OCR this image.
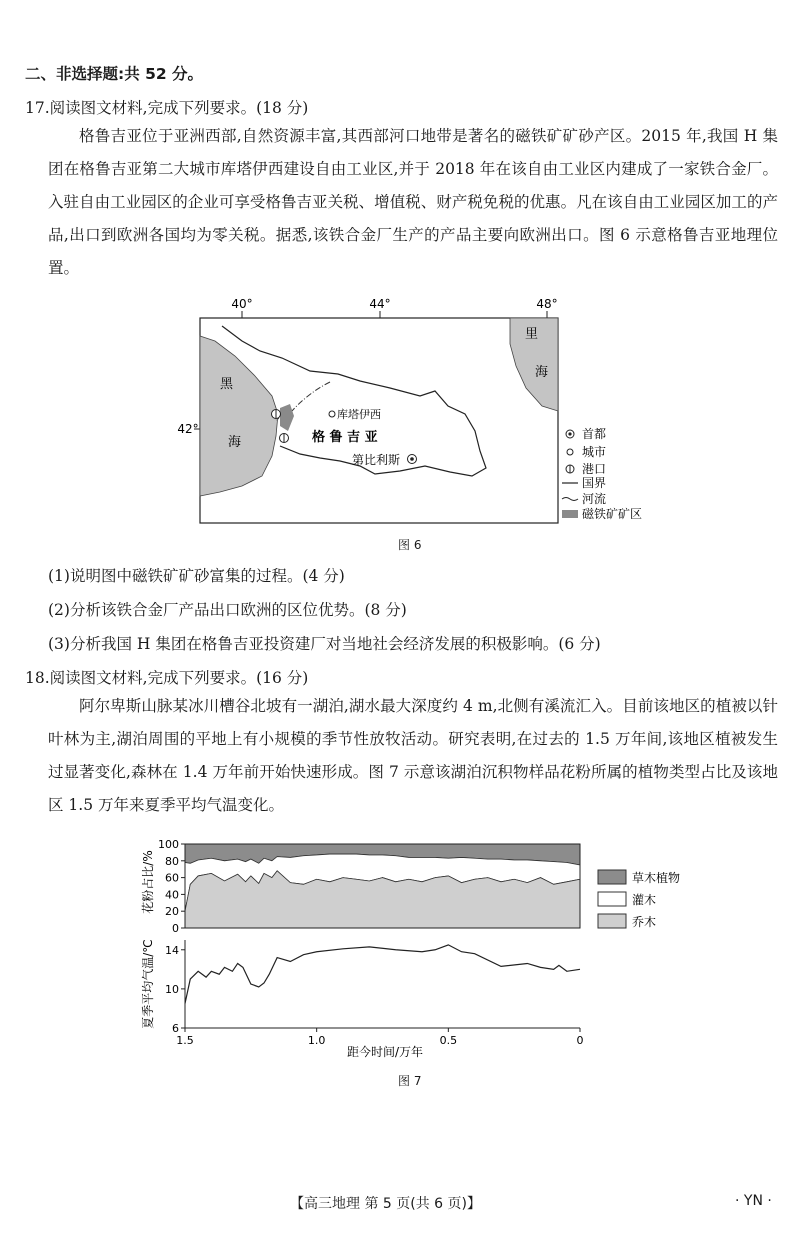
二、非选择题:共 52 分。
17.阅读图文材料,完成下列要求。(18 分)

格鲁吉亚位于亚洲西部,自然资源丰富,其西部河口地带是著名的磁铁矿矿砂产区。2015 年,我国 H 集团在格鲁吉亚第二大城市库塔伊西建设自由工业区,并于 2018 年在该自由工业区内建成了一家铁合金厂。入驻自由工业园区的企业可享受格鲁吉亚关税、增值税、财产税免税的优惠。凡在该自由工业园区加工的产品,出口到欧洲各国均为零关税。据悉,该铁合金厂生产的产品主要向欧洲出口。图 6 示意格鲁吉亚地理位置。

40°	44°	48°
42°
黑
海
里
海
库塔伊西
格 鲁 吉 亚
第比利斯
首都
城市
港口
国界
河流
磁铁矿矿区
图 6
(1)说明图中磁铁矿矿砂富集的过程。(4 分)
(2)分析该铁合金厂产品出口欧洲的区位优势。(8 分)
(3)分析我国 H 集团在格鲁吉亚投资建厂对当地社会经济发展的积极影响。(6 分)
18.阅读图文材料,完成下列要求。(16 分)

阿尔卑斯山脉某冰川槽谷北坡有一湖泊,湖水最大深度约 4 m,北侧有溪流汇入。目前该地区的植被以针叶林为主,湖泊周围的平地上有小规模的季节性放牧活动。研究表明,在过去的 1.5 万年间,该地区植被发生过显著变化,森林在 1.4 万年前开始快速形成。图 7 示意该湖泊沉积物样品花粉所属的植物类型占比及该地区 1.5 万年来夏季平均气温变化。

0
20
40
60
80
100
6
10
14
1.5	1.0	0.5	0
草木植物
灌木
乔木
花粉占比/%
夏季平均气温/℃
距今时间/万年
图 7
【高三地理 第 5 页(共 6 页)】	· YN ·
